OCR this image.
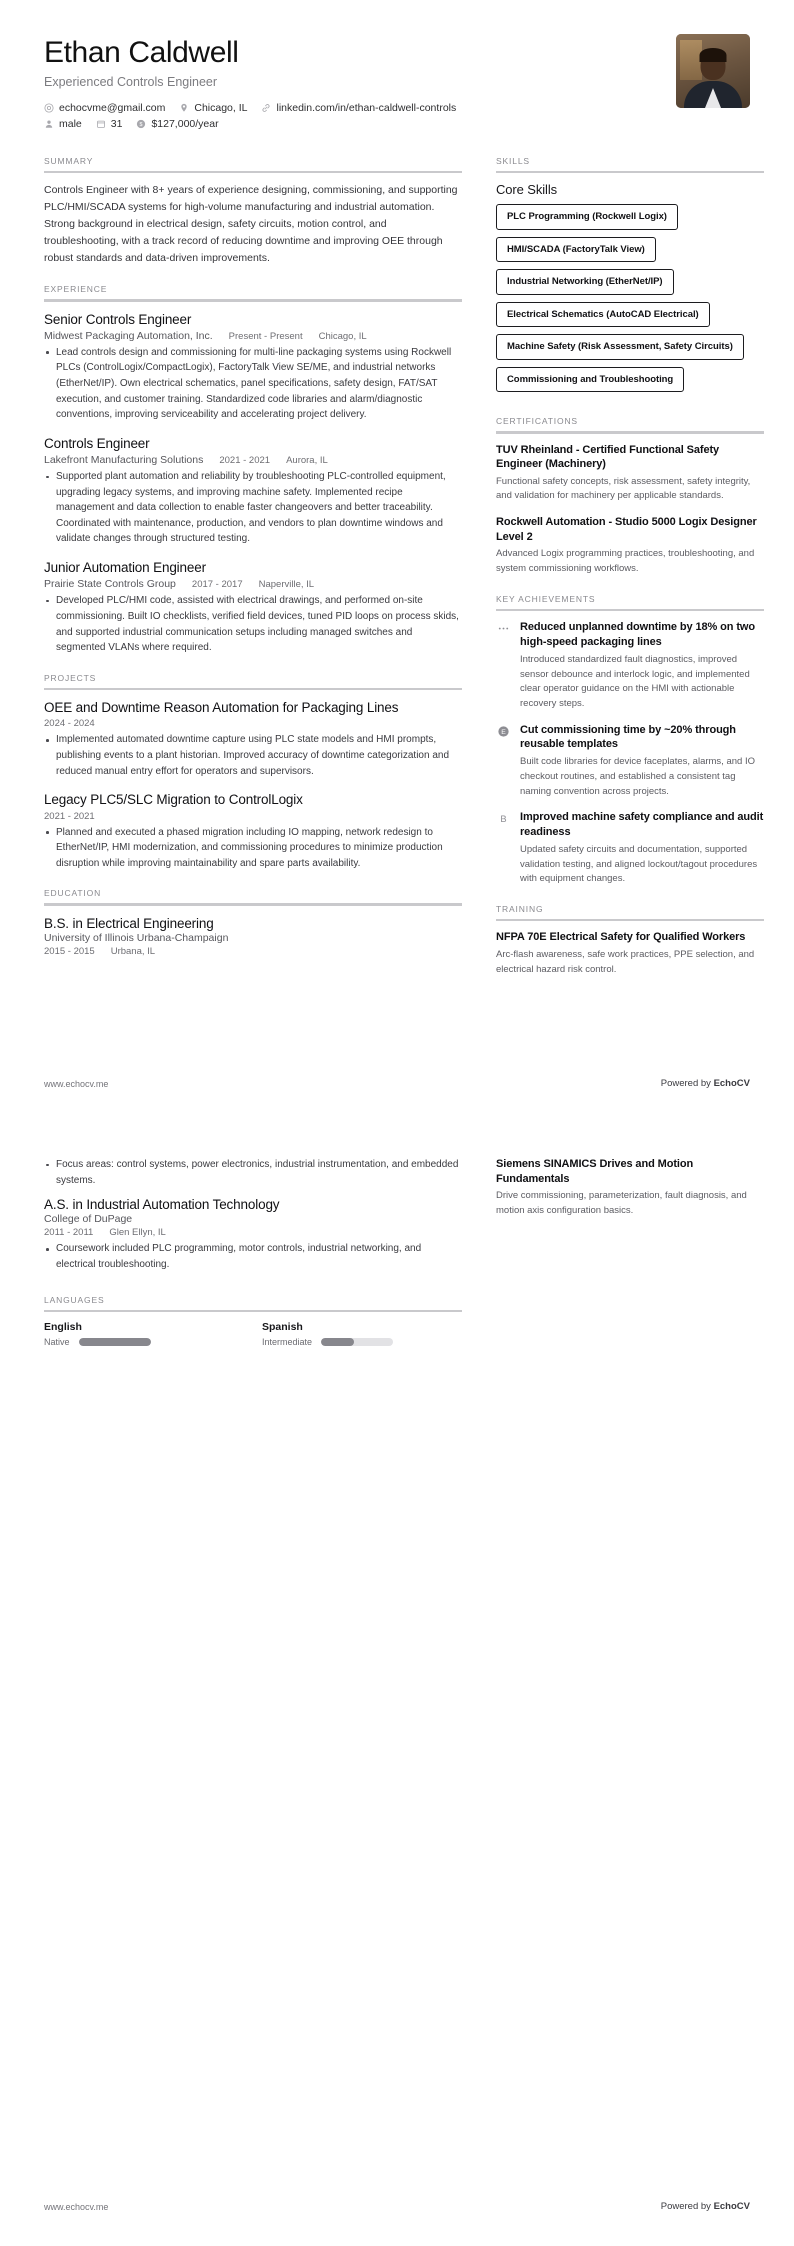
Ethan Caldwell
Experienced Controls Engineer
echocvme@gmail.com	Chicago, IL	linkedin.com/in/ethan-caldwell-controls
male	31 $ $127,000/year
SUMMARY
Controls Engineer with 8+ years of experience designing, commissioning, and supporting PLC/HMI/SCADA systems for high-volume manufacturing and industrial automation. Strong background in electrical design, safety circuits, motion control, and troubleshooting, with a track record of reducing downtime and improving OEE through robust standards and data-driven improvements.
EXPERIENCE
Senior Controls Engineer
Midwest Packaging Automation, Inc. Present - Present Chicago, IL
Lead controls design and commissioning for multi-line packaging systems using Rockwell PLCs (ControlLogix/CompactLogix), FactoryTalk View SE/ME, and industrial networks (EtherNet/IP). Own electrical schematics, panel specifications, safety design, FAT/SAT execution, and customer training. Standardized code libraries and alarm/diagnostic conventions, improving serviceability and accelerating project delivery.
Controls Engineer
Lakefront Manufacturing Solutions 2021 - 2021 Aurora, IL
Supported plant automation and reliability by troubleshooting PLC-controlled equipment, upgrading legacy systems, and improving machine safety. Implemented recipe management and data collection to enable faster changeovers and better traceability. Coordinated with maintenance, production, and vendors to plan downtime windows and validate changes through structured testing.
Junior Automation Engineer
Prairie State Controls Group 2017 - 2017 Naperville, IL
Developed PLC/HMI code, assisted with electrical drawings, and performed on-site commissioning. Built IO checklists, verified field devices, tuned PID loops on process skids, and supported industrial communication setups including managed switches and segmented VLANs where required.
PROJECTS
OEE and Downtime Reason Automation for Packaging Lines
2024 - 2024
Implemented automated downtime capture using PLC state models and HMI prompts, publishing events to a plant historian. Improved accuracy of downtime categorization and reduced manual entry effort for operators and supervisors.
Legacy PLC5/SLC Migration to ControlLogix
2021 - 2021
Planned and executed a phased migration including IO mapping, network redesign to EtherNet/IP, HMI modernization, and commissioning procedures to minimize production disruption while improving maintainability and spare parts availability.
EDUCATION
B.S. in Electrical Engineering
University of Illinois Urbana-Champaign
2015 - 2015 Urbana, IL
SKILLS
Core Skills
PLC Programming (Rockwell Logix)
HMI/SCADA (FactoryTalk View)
Industrial Networking (EtherNet/IP)
Electrical Schematics (AutoCAD Electrical)
Machine Safety (Risk Assessment, Safety Circuits)
Commissioning and Troubleshooting
CERTIFICATIONS
TUV Rheinland - Certified Functional Safety Engineer (Machinery)
Functional safety concepts, risk assessment, safety integrity, and validation for machinery per applicable standards.
Rockwell Automation - Studio 5000 Logix Designer Level 2
Advanced Logix programming practices, troubleshooting, and system commissioning workflows.
KEY ACHIEVEMENTS
Reduced unplanned downtime by 18% on two high-speed packaging lines
Introduced standardized fault diagnostics, improved sensor debounce and interlock logic, and implemented clear operator guidance on the HMI with actionable recovery steps.
E Cut commissioning time by ~20% through reusable templates
Built code libraries for device faceplates, alarms, and IO checkout routines, and established a consistent tag naming convention across projects.
B Improved machine safety compliance and audit readiness
Updated safety circuits and documentation, supported validation testing, and aligned lockout/tagout procedures with equipment changes.
TRAINING
NFPA 70E Electrical Safety for Qualified Workers
Arc-flash awareness, safe work practices, PPE selection, and electrical hazard risk control.
www.echocv.me	Powered by EchoCV
Focus areas: control systems, power electronics, industrial instrumentation, and embedded systems.
A.S. in Industrial Automation Technology
College of DuPage
2011 - 2011 Glen Ellyn, IL
Coursework included PLC programming, motor controls, industrial networking, and electrical troubleshooting.
LANGUAGES
English
Native
Spanish
Intermediate
Siemens SINAMICS Drives and Motion Fundamentals
Drive commissioning, parameterization, fault diagnosis, and motion axis configuration basics.
www.echocv.me	Powered by EchoCV
